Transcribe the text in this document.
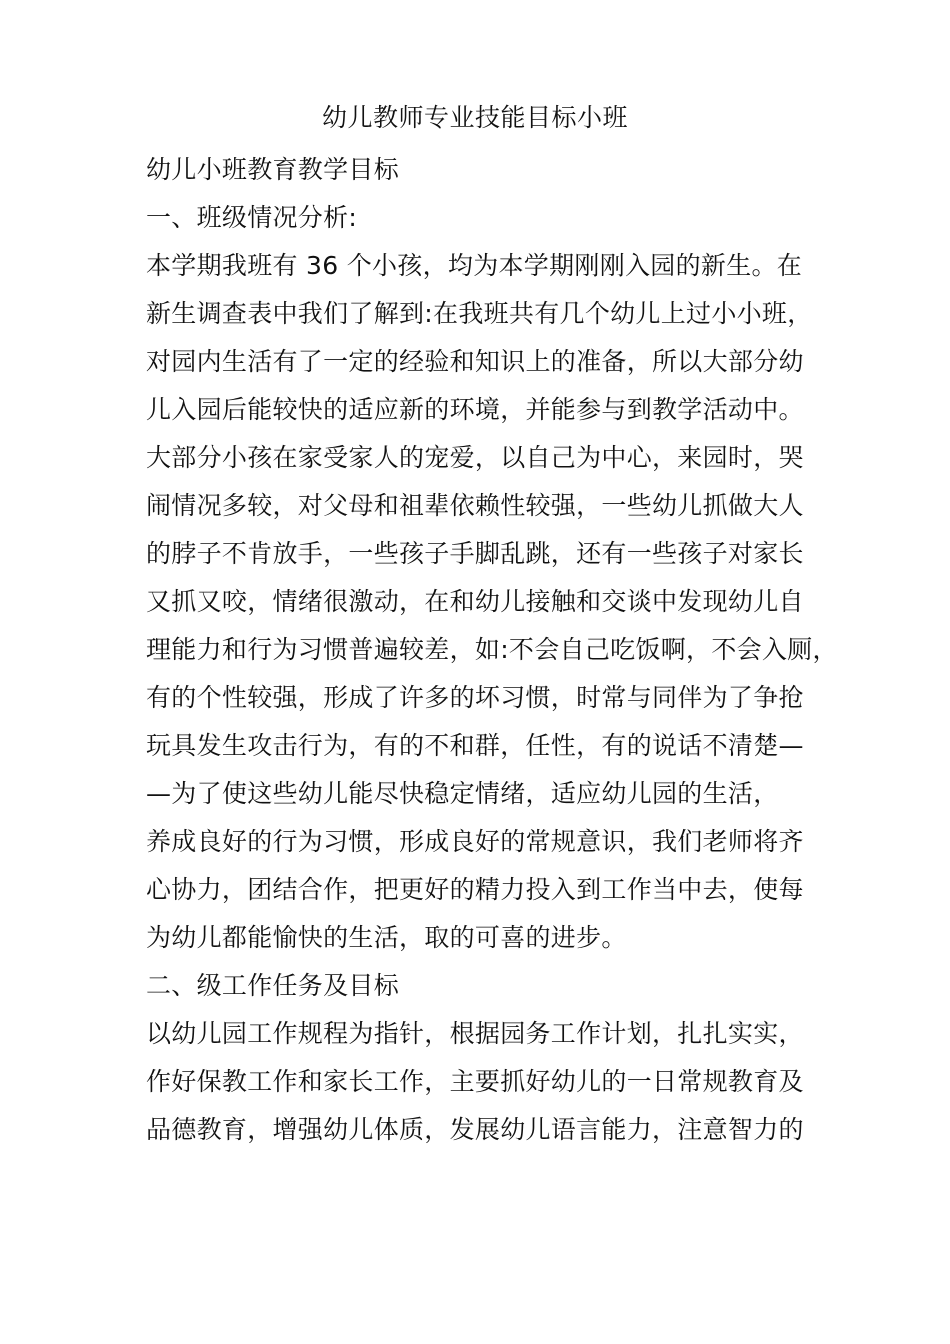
幼儿教师专业技能目标小班
幼儿小班教育教学目标
一、班级情况分析:
本学期我班有 36 个小孩，均为本学期刚刚入园的新生。在
新生调查表中我们了解到:在我班共有几个幼儿上过小小班，
对园内生活有了一定的经验和知识上的准备，所以大部分幼
儿入园后能较快的适应新的环境，并能参与到教学活动中。
大部分小孩在家受家人的宠爱，以自己为中心，来园时，哭
闹情况多较，对父母和祖辈依赖性较强，一些幼儿抓做大人
的脖子不肯放手，一些孩子手脚乱跳，还有一些孩子对家长
又抓又咬，情绪很激动，在和幼儿接触和交谈中发现幼儿自
理能力和行为习惯普遍较差，如:不会自己吃饭啊，不会入厕，
有的个性较强，形成了许多的坏习惯，时常与同伴为了争抢
玩具发生攻击行为，有的不和群，任性，有的说话不清楚—
—为了使这些幼儿能尽快稳定情绪，适应幼儿园的生活，
养成良好的行为习惯，形成良好的常规意识，我们老师将齐
心协力，团结合作，把更好的精力投入到工作当中去，使每
为幼儿都能愉快的生活，取的可喜的进步。
二、级工作任务及目标
以幼儿园工作规程为指针，根据园务工作计划，扎扎实实，
作好保教工作和家长工作，主要抓好幼儿的一日常规教育及
品德教育，增强幼儿体质，发展幼儿语言能力，注意智力的
